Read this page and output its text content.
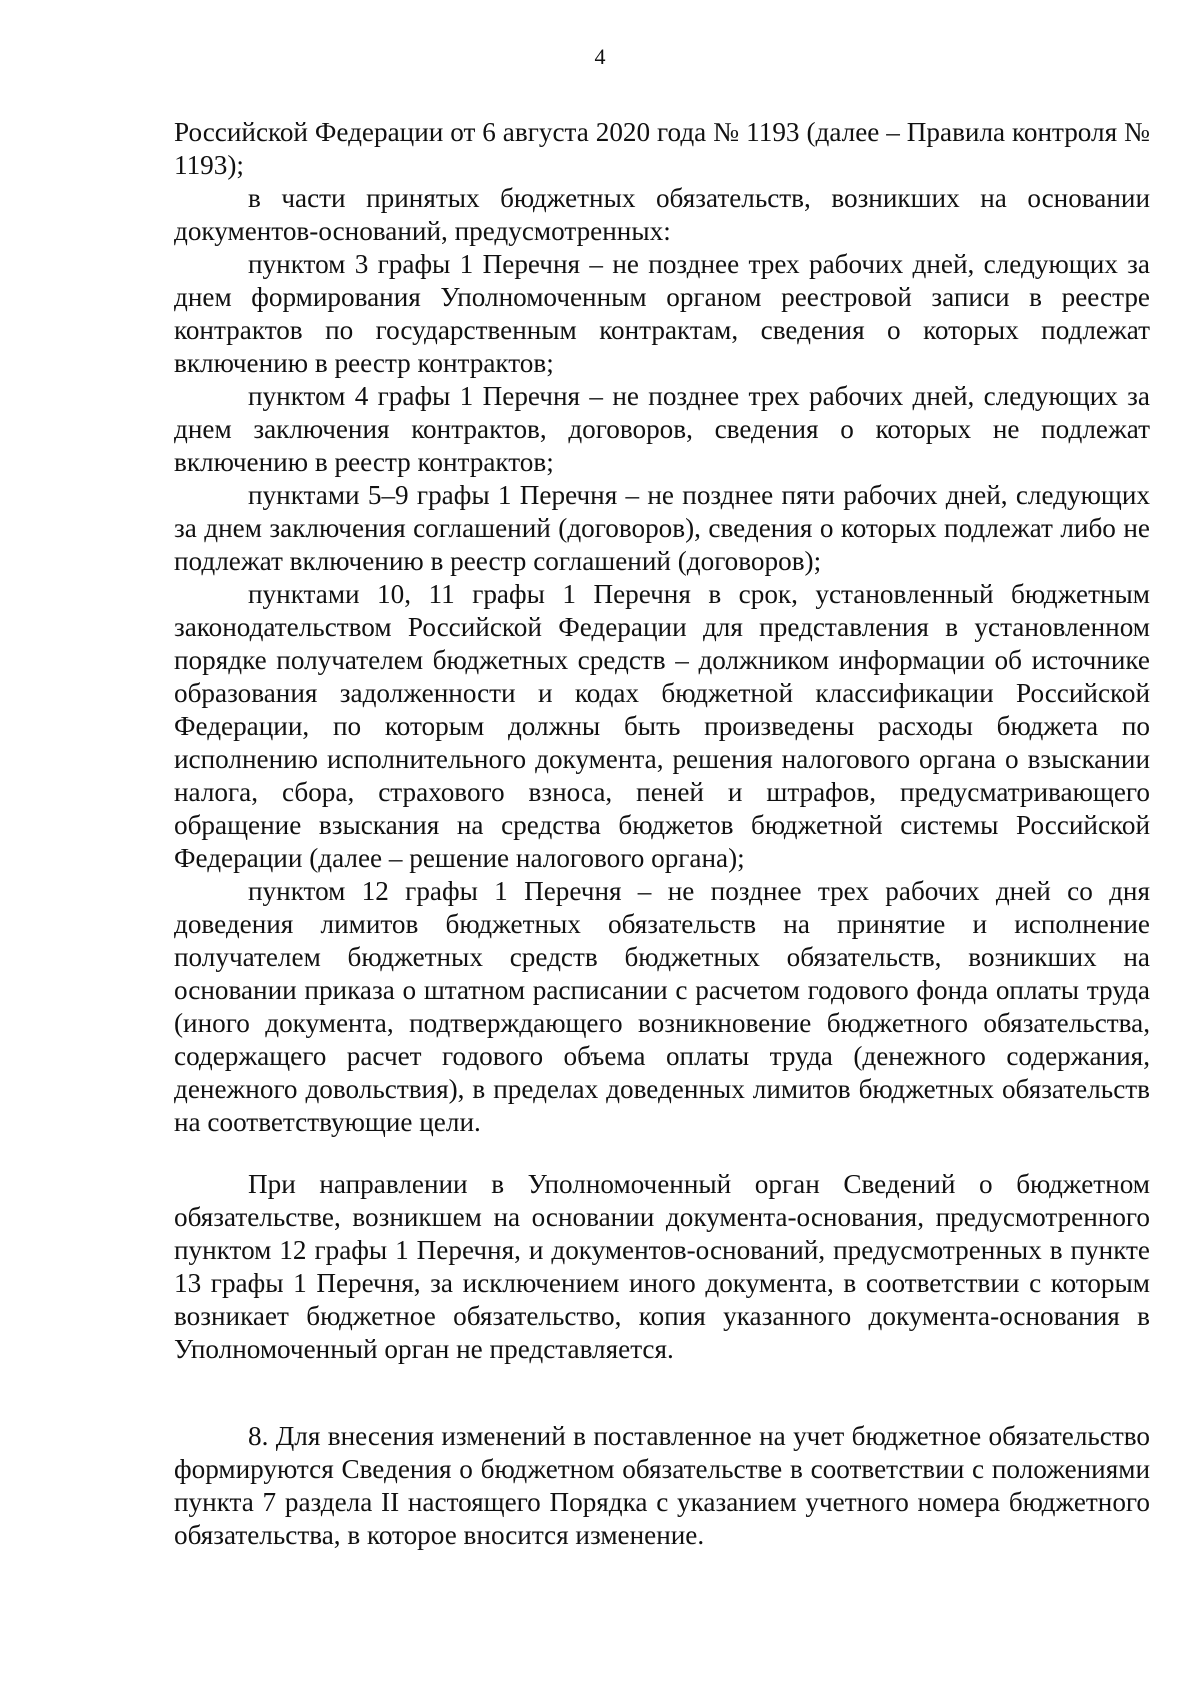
4

Российской Федерации от 6 августа 2020 года № 1193 (далее – Правила контроля № 1193);

в части принятых бюджетных обязательств, возникших на основании документов-оснований, предусмотренных:

пунктом 3 графы 1 Перечня – не позднее трех рабочих дней, следующих за днем формирования Уполномоченным органом реестровой записи в реестре контрактов по государственным контрактам, сведения о которых подлежат включению в реестр контрактов;

пунктом 4 графы 1 Перечня – не позднее трех рабочих дней, следующих за днем заключения контрактов, договоров, сведения о которых не подлежат включению в реестр контрактов;

пунктами 5–9 графы 1 Перечня – не позднее пяти рабочих дней, следующих за днем заключения соглашений (договоров), сведения о которых подлежат либо не подлежат включению в реестр соглашений (договоров);

пунктами 10, 11 графы 1 Перечня в срок, установленный бюджетным законодательством Российской Федерации для представления в установленном порядке получателем бюджетных средств – должником информации об источнике образования задолженности и кодах бюджетной классификации Российской Федерации, по которым должны быть произведены расходы бюджета по исполнению исполнительного документа, решения налогового органа о взыскании налога, сбора, страхового взноса, пеней и штрафов, предусматривающего обращение взыскания на средства бюджетов бюджетной системы Российской Федерации (далее – решение налогового органа);

пунктом 12 графы 1 Перечня – не позднее трех рабочих дней со дня доведения лимитов бюджетных обязательств на принятие и исполнение получателем бюджетных средств бюджетных обязательств, возникших на основании приказа о штатном расписании с расчетом годового фонда оплаты труда (иного документа, подтверждающего возникновение бюджетного обязательства, содержащего расчет годового объема оплаты труда (денежного содержания, денежного довольствия), в пределах доведенных лимитов бюджетных обязательств на соответствующие цели.

При направлении в Уполномоченный орган Сведений о бюджетном обязательстве, возникшем на основании документа-основания, предусмотренного пунктом 12 графы 1 Перечня, и документов-оснований, предусмотренных в пункте 13 графы 1 Перечня, за исключением иного документа, в соответствии с которым возникает бюджетное обязательство, копия указанного документа-основания в Уполномоченный орган не представляется.

8. Для внесения изменений в поставленное на учет бюджетное обязательство формируются Сведения о бюджетном обязательстве в соответствии с положениями пункта 7 раздела II настоящего Порядка с указанием учетного номера бюджетного обязательства, в которое вносится изменение.
